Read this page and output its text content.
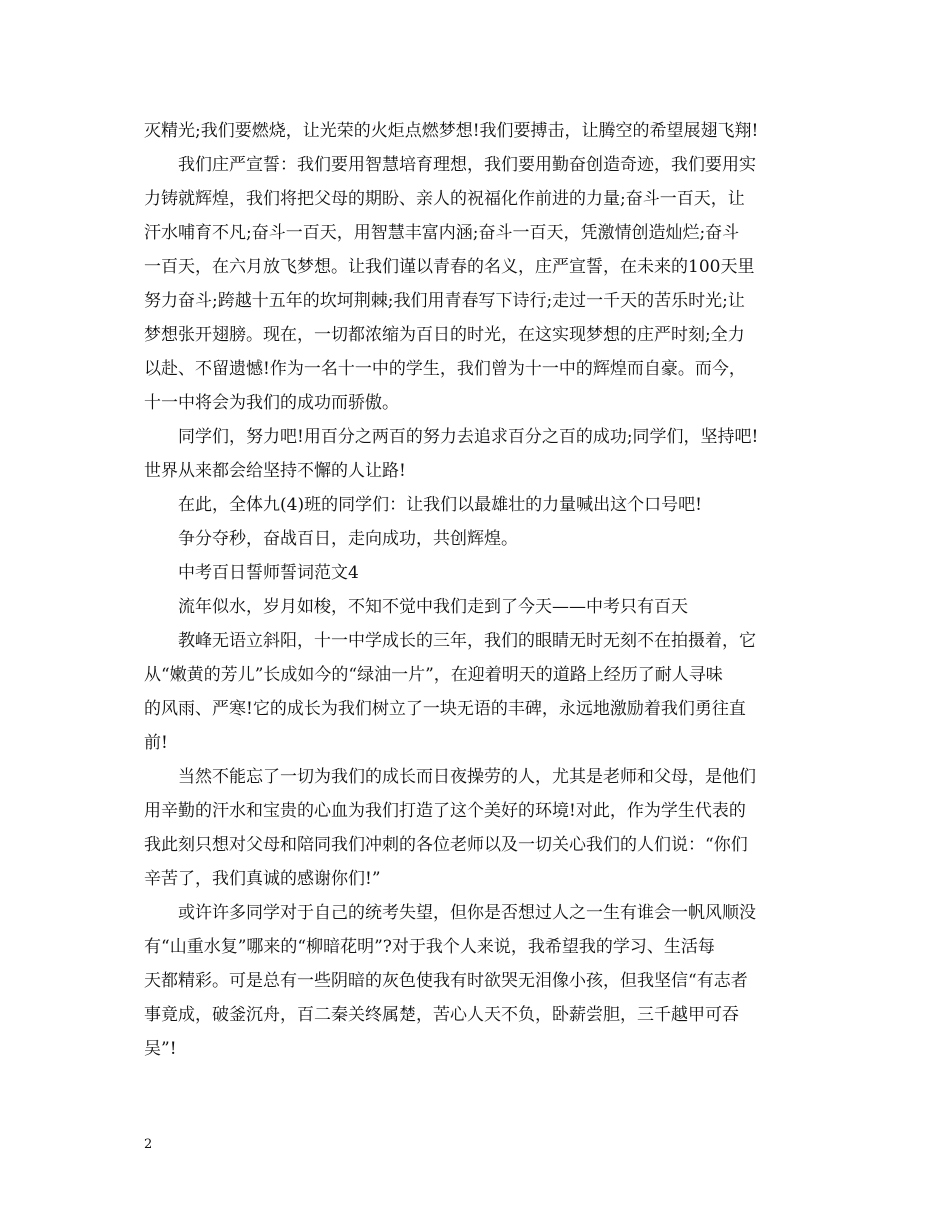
灭精光;我们要燃烧，让光荣的火炬点燃梦想!我们要搏击，让腾空的希望展翅飞翔!
我们庄严宣誓：我们要用智慧培育理想，我们要用勤奋创造奇迹，我们要用实
力铸就辉煌，我们将把父母的期盼、亲人的祝福化作前进的力量;奋斗一百天，让
汗水哺育不凡;奋斗一百天，用智慧丰富内涵;奋斗一百天，凭激情创造灿烂;奋斗
一百天，在六月放飞梦想。让我们谨以青春的名义，庄严宣誓，在未来的100天里
努力奋斗;跨越十五年的坎坷荆棘;我们用青春写下诗行;走过一千天的苦乐时光;让
梦想张开翅膀。现在，一切都浓缩为百日的时光，在这实现梦想的庄严时刻;全力
以赴、不留遗憾!作为一名十一中的学生，我们曾为十一中的辉煌而自豪。而今，
十一中将会为我们的成功而骄傲。
同学们，努力吧!用百分之两百的努力去追求百分之百的成功;同学们，坚持吧!
世界从来都会给坚持不懈的人让路!
在此，全体九(4)班的同学们：让我们以最雄壮的力量喊出这个口号吧!
争分夺秒，奋战百日，走向成功，共创辉煌。
中考百日誓师誓词范文4
流年似水，岁月如梭，不知不觉中我们走到了今天——中考只有百天
教峰无语立斜阳，十一中学成长的三年，我们的眼睛无时无刻不在拍摄着，它
从“嫩黄的芳儿”长成如今的“绿油一片”，在迎着明天的道路上经历了耐人寻味
的风雨、严寒!它的成长为我们树立了一块无语的丰碑，永远地激励着我们勇往直
前!
当然不能忘了一切为我们的成长而日夜操劳的人，尤其是老师和父母，是他们
用辛勤的汗水和宝贵的心血为我们打造了这个美好的环境!对此，作为学生代表的
我此刻只想对父母和陪同我们冲刺的各位老师以及一切关心我们的人们说：“你们
辛苦了，我们真诚的感谢你们!”
或许许多同学对于自己的统考失望，但你是否想过人之一生有谁会一帆风顺没
有“山重水复”哪来的“柳暗花明”?对于我个人来说，我希望我的学习、生活每
天都精彩。可是总有一些阴暗的灰色使我有时欲哭无泪像小孩，但我坚信“有志者
事竟成，破釜沉舟，百二秦关终属楚，苦心人天不负，卧薪尝胆，三千越甲可吞
吴”!
2
